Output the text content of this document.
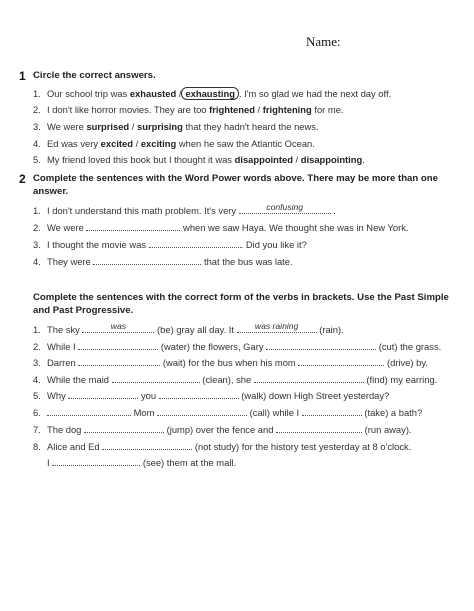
Name:
1 Circle the correct answers.
1. Our school trip was exhausted / exhausting . I'm so glad we had the next day off.
2. I don't like horror movies. They are too frightened / frightening for me.
3. We were surprised / surprising that they hadn't heard the news.
4. Ed was very excited / exciting when he saw the Atlantic Ocean.
5. My friend loved this book but I thought it was disappointed / disappointing.
2 Complete the sentences with the Word Power words above. There may be more than one answer.
1. I don't understand this math problem. It's very	confusing	.
2. We were	when we saw Haya. We thought she was in New York.
3. I thought the movie was	. Did you like it?
4. They were	that the bus was late.
Complete the sentences with the correct form of the verbs in brackets. Use the Past Simple and Past Progressive.
1. The sky	was	(be) gray all day. It	was raining	(rain).
2. While I	(water) the flowers, Gary	(cut) the grass.
3. Darren	(wait) for the bus when his mom	(drive) by.
4. While the maid	(clean), she	(find) my earring.
5. Why	you	(walk) down High Street yesterday?
6.	Mom	(call) while I	(take) a bath?
7. The dog	(jump) over the fence and	(run away).
8. Alice and Ed	(not study) for the history test yesterday at 8 o'clock.
I	(see) them at the mall.
